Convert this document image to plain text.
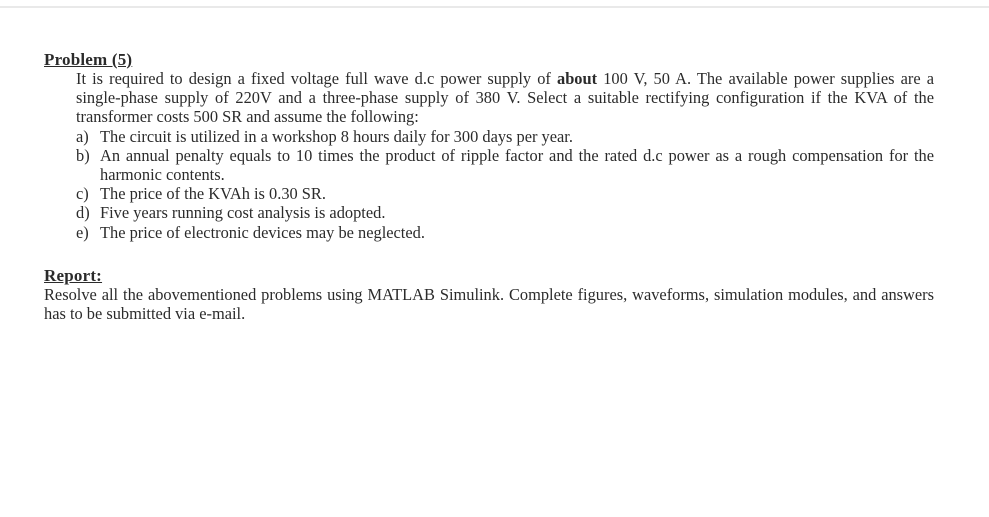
Problem (5)
It is required to design a fixed voltage full wave d.c power supply of about 100 V, 50 A. The available power supplies are a single-phase supply of 220V and a three-phase supply of 380 V. Select a suitable rectifying configuration if the KVA of the transformer costs 500 SR and assume the following:
a) The circuit is utilized in a workshop 8 hours daily for 300 days per year.
b) An annual penalty equals to 10 times the product of ripple factor and the rated d.c power as a rough compensation for the harmonic contents.
c) The price of the KVAh is 0.30 SR.
d) Five years running cost analysis is adopted.
e) The price of electronic devices may be neglected.
Report:
Resolve all the abovementioned problems using MATLAB Simulink. Complete figures, waveforms, simulation modules, and answers has to be submitted via e-mail.
